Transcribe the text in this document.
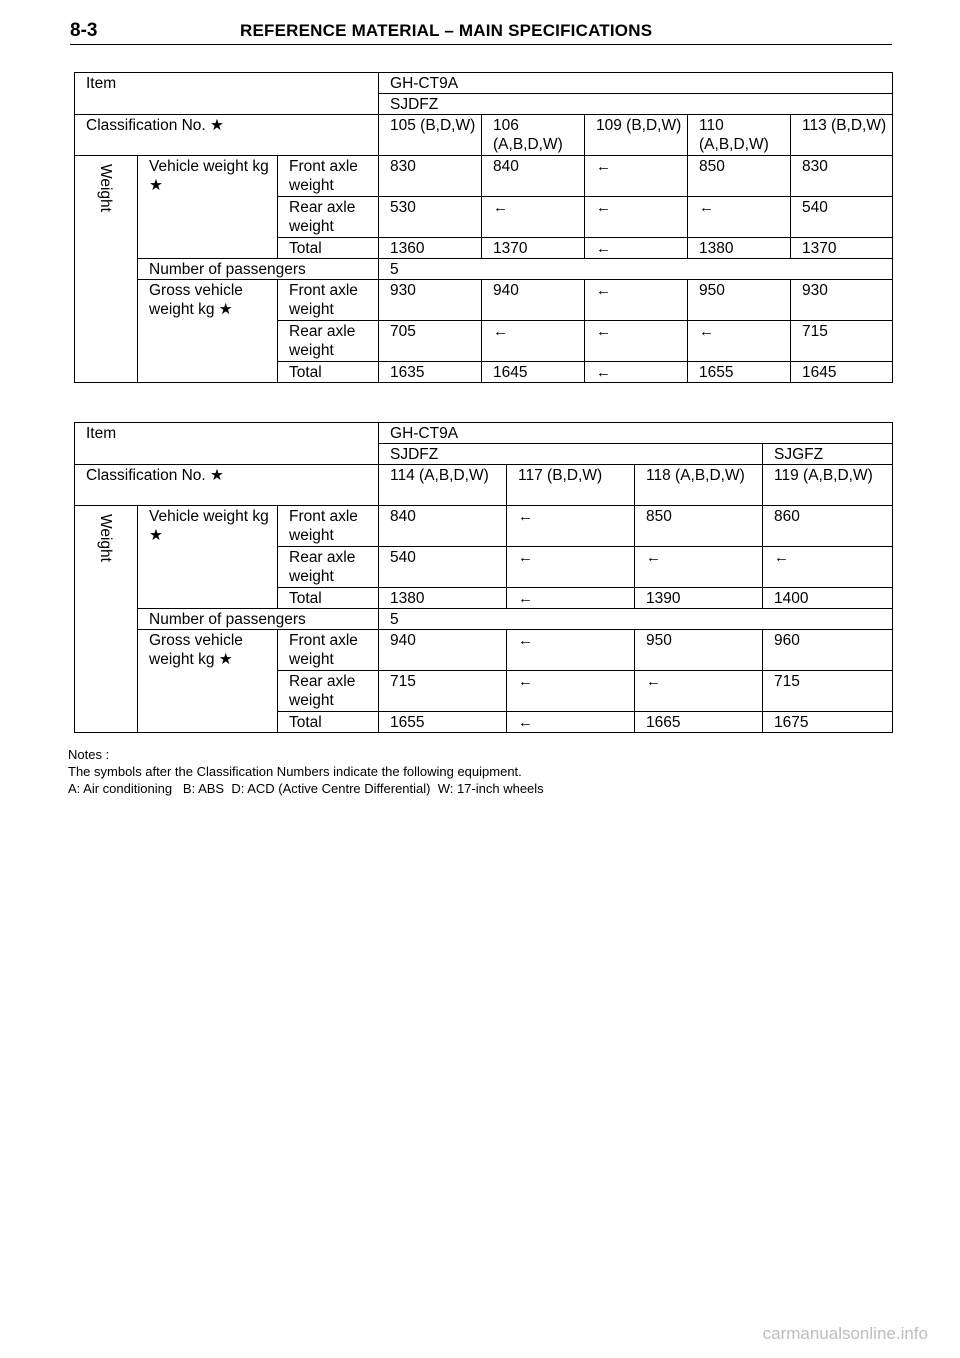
8-3	REFERENCE MATERIAL – MAIN SPECIFICATIONS
Item			GH-CT9A				
			SJDFZ				
Classification No. ★			105 (B,D,W)	106 (A,B,D,W)	109 (B,D,W)	110 (A,B,D,W)	113 (B,D,W)

Weight	Vehicle weight kg ★	Front axle weight	830	840	←	850	830
		Rear axle weight	530	←	←	←	540
		Total	1360	1370	←	1380	1370
	Number of passengers		5				
	Gross vehicle weight kg ★	Front axle weight	930	940	←	950	930
		Rear axle weight	705	←	←	←	715
		Total	1635	1645	←	1655	1645
Item			GH-CT9A			
			SJDFZ			SJGFZ
Classification No. ★			114 (A,B,D,W)	117 (B,D,W)	118 (A,B,D,W)	119 (A,B,D,W)

Weight	Vehicle weight kg ★	Front axle weight	840	←	850	860
		Rear axle weight	540	←	←	←
		Total	1380	←	1390	1400
	Number of passengers		5			
	Gross vehicle weight kg ★	Front axle weight	940	←	950	960
		Rear axle weight	715	←	←	715
		Total	1655	←	1665	1675
Notes :
The symbols after the Classification Numbers indicate the following equipment.
A: Air conditioning   B: ABS  D: ACD (Active Centre Differential)  W: 17-inch wheels
carmanualsonline.info
